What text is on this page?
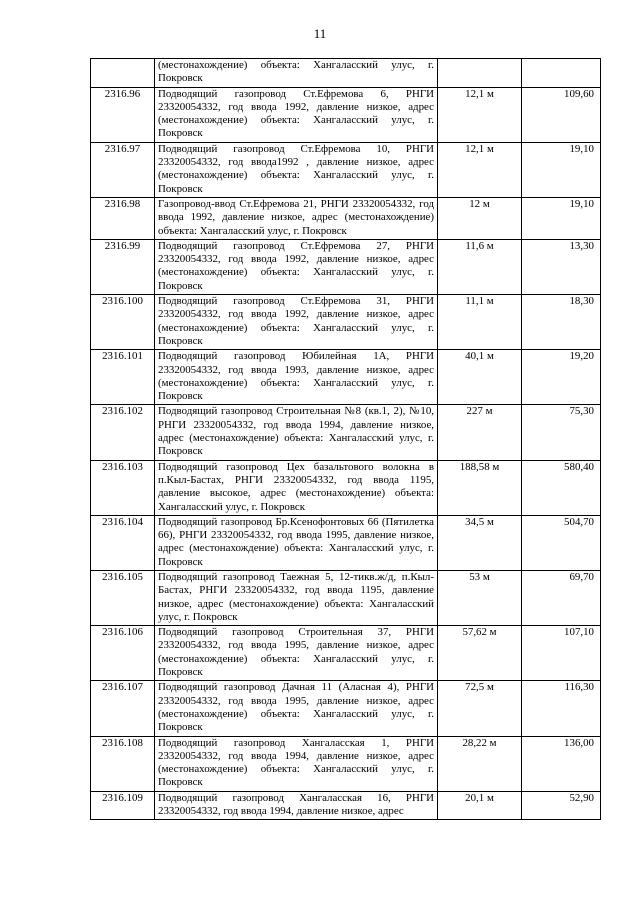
11
	(местонахождение) объекта: Хангаласский улус, г. Покровск		
2316.96	Подводящий газопровод Ст.Ефремова 6, РНГИ 23320054332, год ввода 1992, давление низкое, адрес (местонахождение) объекта: Хангаласский улус, г. Покровск	12,1 м	109,60
2316.97	Подводящий газопровод Ст.Ефремова 10, РНГИ 23320054332, год ввода1992 , давление низкое, адрес (местонахождение) объекта: Хангаласский улус, г. Покровск	12,1 м	19,10
2316.98	Газопровод-ввод Ст.Ефремова 21, РНГИ 23320054332, год ввода 1992, давление низкое, адрес (местонахождение) объекта: Хангаласский улус, г. Покровск	12 м	19,10
2316.99	Подводящий газопровод Ст.Ефремова 27, РНГИ 23320054332, год ввода 1992, давление низкое, адрес (местонахождение) объекта: Хангаласский улус, г. Покровск	11,6 м	13,30
2316.100	Подводящий газопровод Ст.Ефремова 31, РНГИ 23320054332, год ввода 1992, давление низкое, адрес (местонахождение) объекта: Хангаласский улус, г. Покровск	11,1 м	18,30
2316.101	Подводящий газопровод Юбилейная 1А, РНГИ 23320054332, год ввода 1993, давление низкое, адрес (местонахождение) объекта: Хангаласский улус, г. Покровск	40,1 м	19,20
2316.102	Подводящий газопровод Строительная №8 (кв.1, 2), №10, РНГИ 23320054332, год ввода 1994, давление низкое, адрес (местонахождение) объекта: Хангаласский улус, г. Покровск	227 м	75,30
2316.103	Подводящий газопровод Цех базальтового волокна в п.Кыл-Бастах, РНГИ 23320054332, год ввода 1195, давление высокое, адрес (местонахождение) объекта: Хангаласский улус, г. Покровск	188,58 м	580,40
2316.104	Подводящий газопровод Бр.Ксенофонтовых 66 (Пятилетка 66), РНГИ 23320054332, год ввода 1995, давление низкое, адрес (местонахождение) объекта: Хангаласский улус, г. Покровск	34,5 м	504,70
2316.105	Подводящий газопровод Таежная 5, 12-тикв.ж/д, п.Кыл-Бастах, РНГИ 23320054332, год ввода 1195, давление низкое, адрес (местонахождение) объекта: Хангаласский улус, г. Покровск	53 м	69,70
2316.106	Подводящий газопровод Строительная 37, РНГИ 23320054332, год ввода 1995, давление низкое, адрес (местонахождение) объекта: Хангаласский улус, г. Покровск	57,62 м	107,10
2316.107	Подводящий газопровод Дачная 11 (Аласная 4), РНГИ 23320054332, год ввода 1995, давление низкое, адрес (местонахождение) объекта: Хангаласский улус, г. Покровск	72,5 м	116,30
2316.108	Подводящий газопровод Хангаласская 1, РНГИ 23320054332, год ввода 1994, давление низкое, адрес (местонахождение) объекта: Хангаласский улус, г. Покровск	28,22 м	136,00
2316.109	Подводящий газопровод Хангаласская 16, РНГИ 23320054332, год ввода 1994, давление низкое, адрес	20,1 м	52,90
